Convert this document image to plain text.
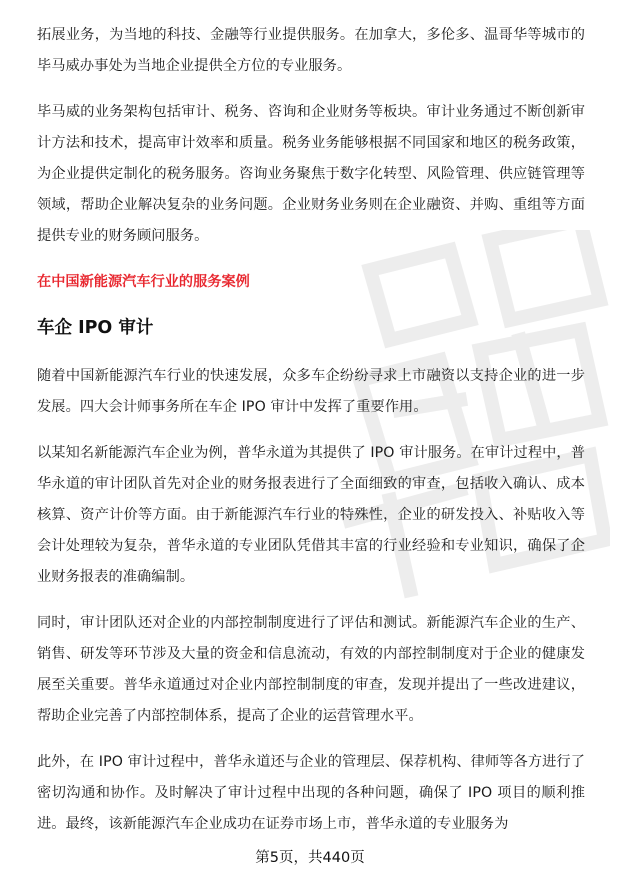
拓展业务，为当地的科技、金融等行业提供服务。在加拿大，多伦多、温哥华等城市的毕马威办事处为当地企业提供全方位的专业服务。

毕马威的业务架构包括审计、税务、咨询和企业财务等板块。审计业务通过不断创新审计方法和技术，提高审计效率和质量。税务业务能够根据不同国家和地区的税务政策，为企业提供定制化的税务服务。咨询业务聚焦于数字化转型、风险管理、供应链管理等领域，帮助企业解决复杂的业务问题。企业财务业务则在企业融资、并购、重组等方面提供专业的财务顾问服务。

在中国新能源汽车行业的服务案例
车企 IPO 审计

随着中国新能源汽车行业的快速发展，众多车企纷纷寻求上市融资以支持企业的进一步发展。四大会计师事务所在车企 IPO 审计中发挥了重要作用。

以某知名新能源汽车企业为例，普华永道为其提供了 IPO 审计服务。在审计过程中，普华永道的审计团队首先对企业的财务报表进行了全面细致的审查，包括收入确认、成本核算、资产计价等方面。由于新能源汽车行业的特殊性，企业的研发投入、补贴收入等会计处理较为复杂，普华永道的专业团队凭借其丰富的行业经验和专业知识，确保了企业财务报表的准确编制。

同时，审计团队还对企业的内部控制制度进行了评估和测试。新能源汽车企业的生产、销售、研发等环节涉及大量的资金和信息流动，有效的内部控制制度对于企业的健康发展至关重要。普华永道通过对企业内部控制制度的审查，发现并提出了一些改进建议，帮助企业完善了内部控制体系，提高了企业的运营管理水平。

此外，在 IPO 审计过程中，普华永道还与企业的管理层、保荐机构、律师等各方进行了密切沟通和协作。及时解决了审计过程中出现的各种问题，确保了 IPO 项目的顺利推进。最终，该新能源汽车企业成功在证券市场上市，普华永道的专业服务为

第5页，共440页
